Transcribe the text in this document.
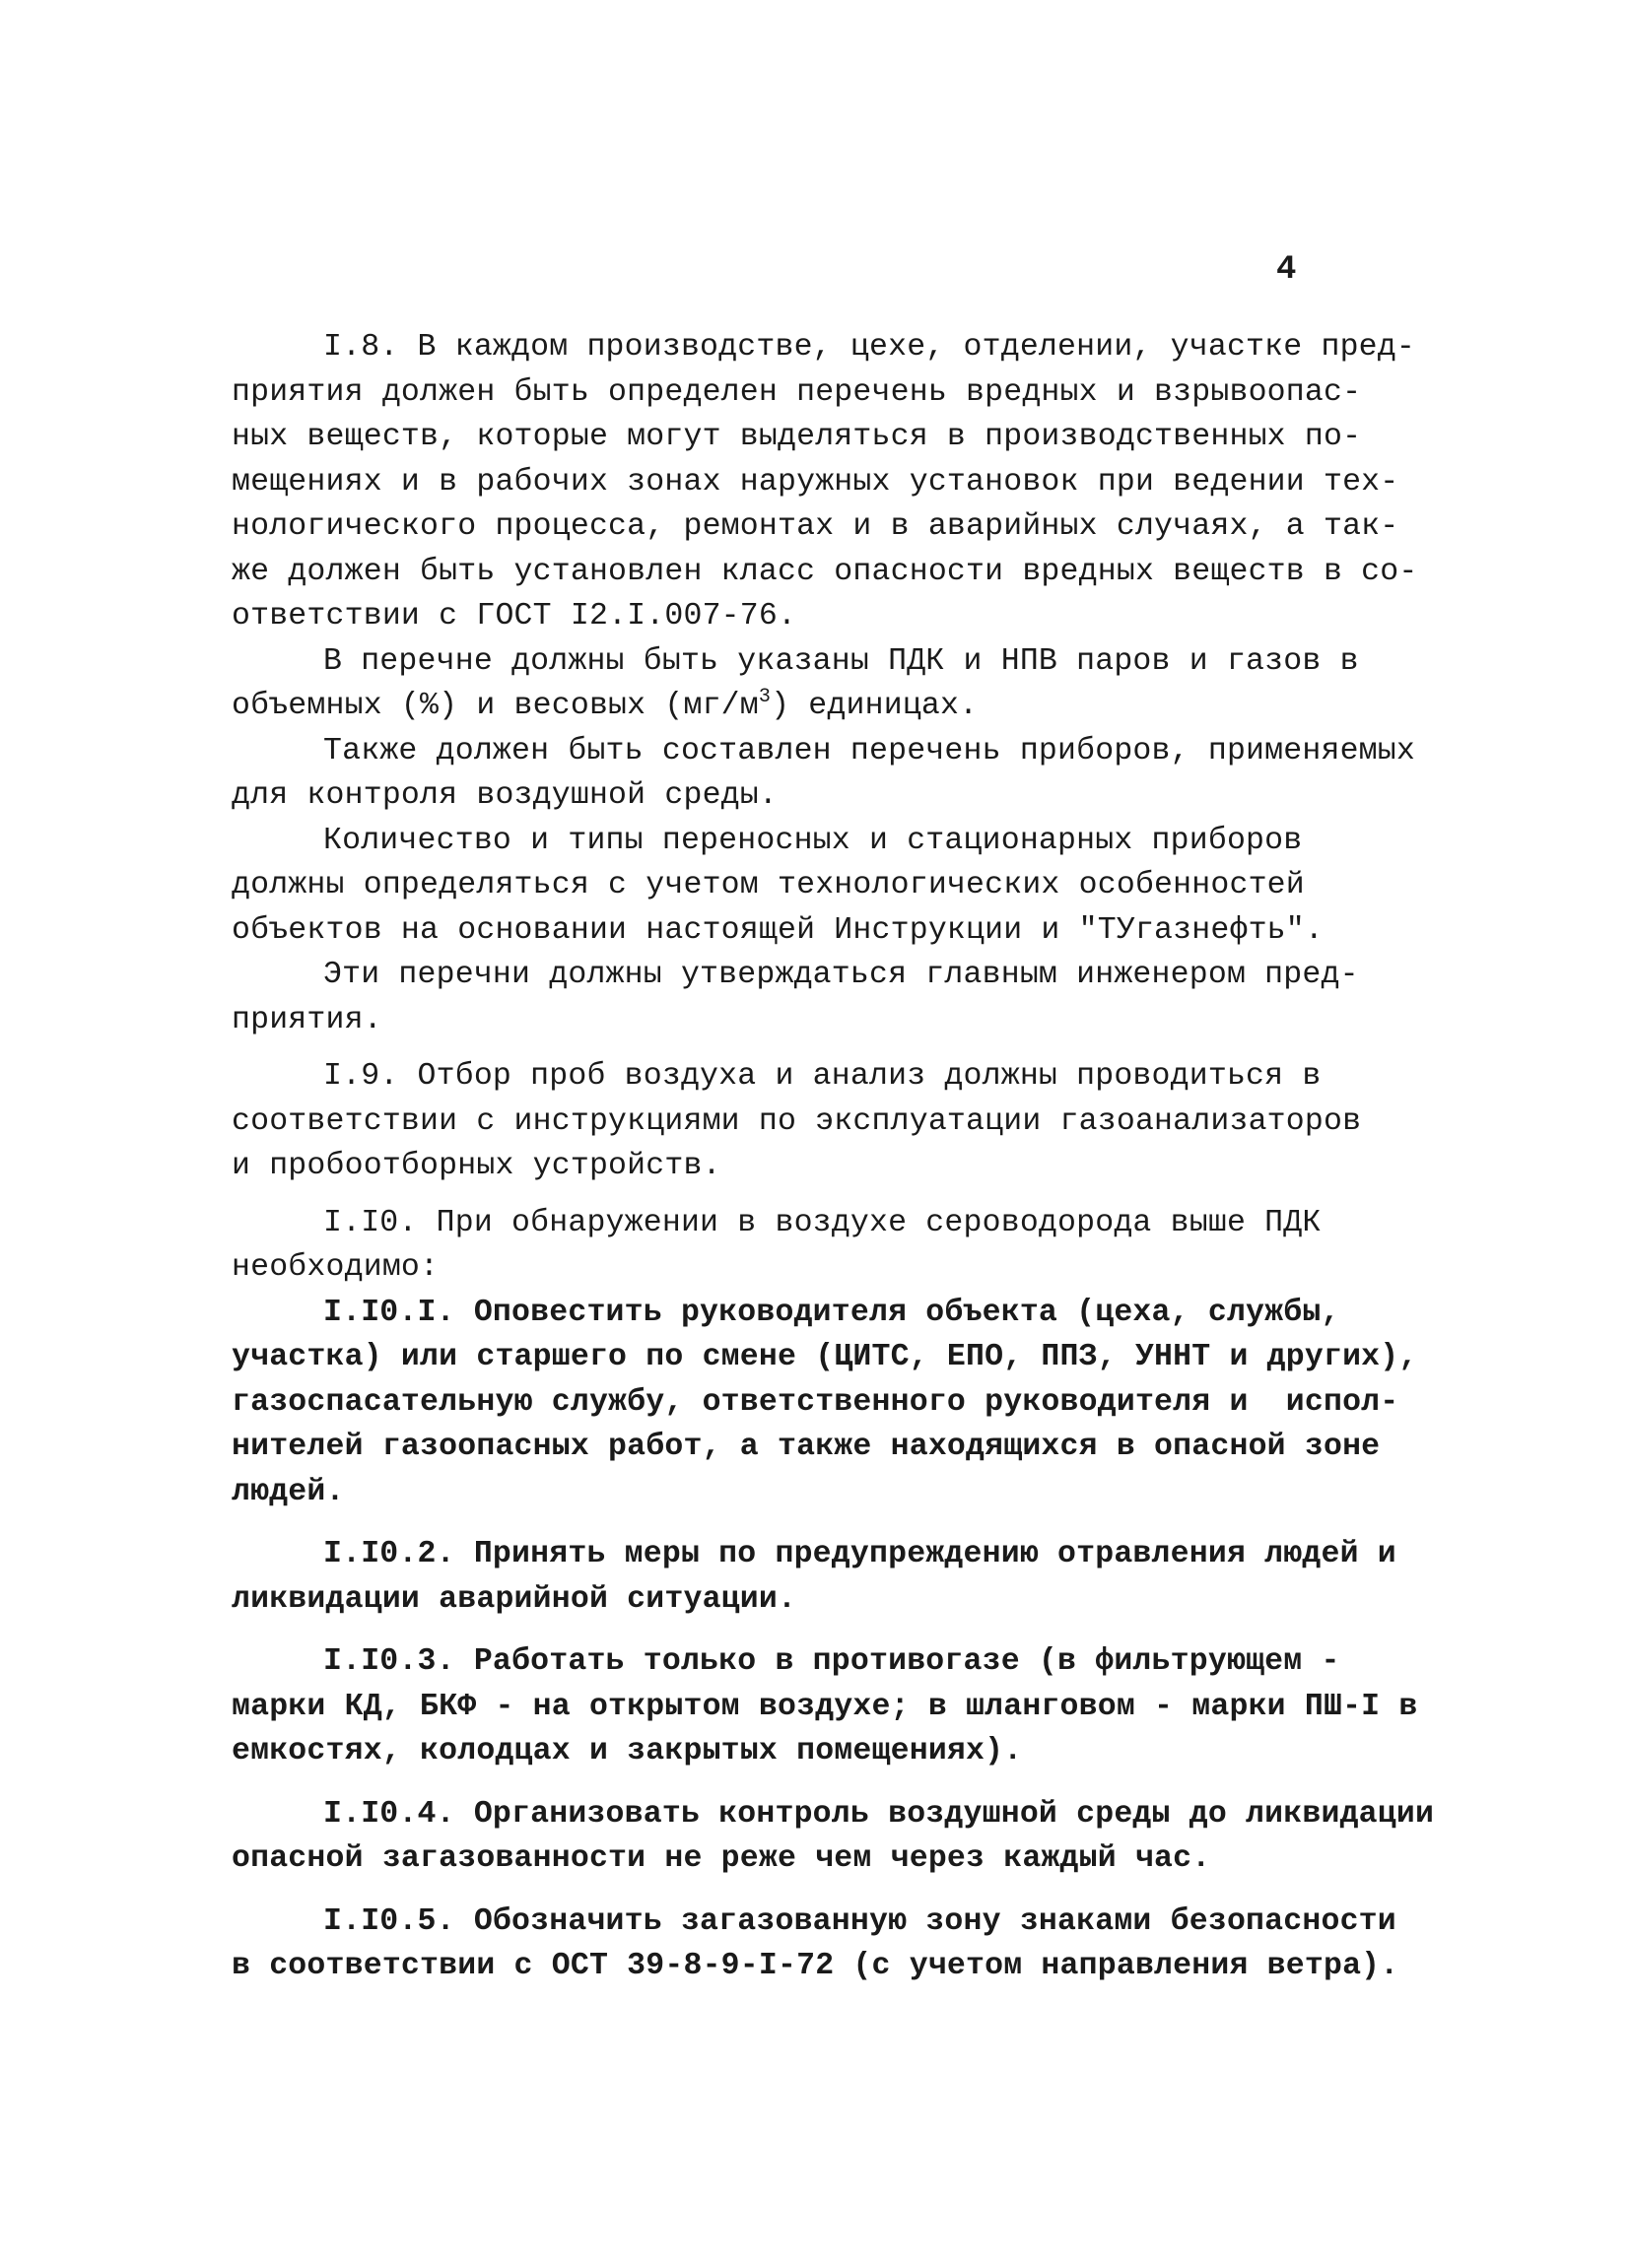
4
I.8. В каждом производстве, цехе, отделении, участке пред-
приятия должен быть определен перечень вредных и взрывоопас-
ных веществ, которые могут выделяться в производственных по-
мещениях и в рабочих зонах наружных установок при ведении тех-
нологического процесса, ремонтах и в аварийных случаях, а так-
же должен быть установлен класс опасности вредных веществ в со-
ответствии с ГОСТ I2.I.007-76.
В перечне должны быть указаны ПДК и НПВ паров и газов в
объемных (%) и весовых $(мг/м^3)$ единицах.
Также должен быть составлен перечень приборов, применяемых
для контроля воздушной среды.
Количество и типы переносных и стационарных приборов
должны определяться с учетом технологических особенностей
объектов на основании настоящей Инструкции и "ТУгазнефть".
Эти перечни должны утверждаться главным инженером пред-
приятия.
I.9. Отбор проб воздуха и анализ должны проводиться в
соответствии с инструкциями по эксплуатации газоанализаторов
и пробоотборных устройств.
I.I0. При обнаружении в воздухе сероводорода выше ПДК
необходимо:
I.I0.I. Оповестить руководителя объекта (цеха, службы,
участка) или старшего по смене (ЦИТС, ЕПО, ППЗ, УННТ и других),
газоспасательную службу, ответственного руководителя и  испол-
нителей газоопасных работ, а также находящихся в опасной зоне
людей.
I.I0.2. Принять меры по предупреждению отравления людей и
ликвидации аварийной ситуации.
I.I0.3. Работать только в противогазе (в фильтрующем -
марки КД, БКФ - на открытом воздухе; в шланговом - марки ПШ-I в
емкостях, колодцах и закрытых помещениях).
I.I0.4. Организовать контроль воздушной среды до ликвидации
опасной загазованности не реже чем через каждый час.
I.I0.5. Обозначить загазованную зону знаками безопасности
в соответствии с ОСТ 39-8-9-I-72 (с учетом направления ветра).
